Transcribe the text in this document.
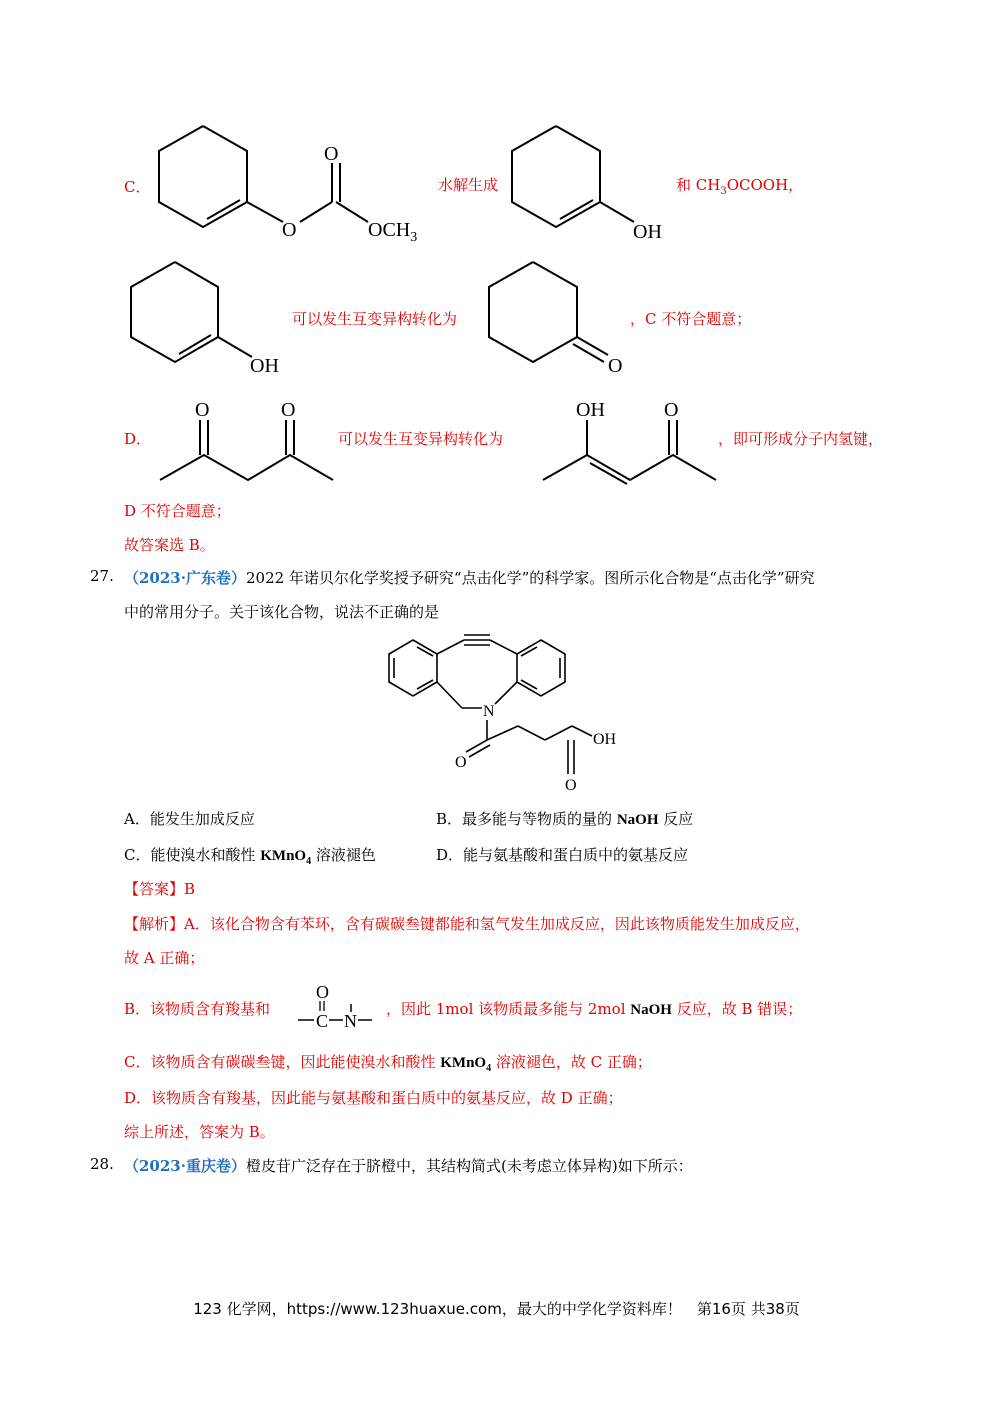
C．
O
O	$OCH_3$
水解生成
OH
和 $CH_3OCOOH$，
OH
可以发生互变异构转化为
O
，C 不符合题意；
D．
O	O
可以发生互变异构转化为
OH	O
，即可形成分子内氢键，
D 不符合题意；
故答案选 B。
27. （2023·广东卷）2022 年诺贝尔化学奖授予研究“点击化学”的科学家。图所示化合物是“点击化学”研究
中的常用分子。关于该化合物，说法不正确的是
N
O
OH
O
A．能发生加成反应	B．最多能与等物质的量的 NaOH 反应
C．能使溴水和酸性 KMnO$_4$ 溶液褪色	D．能与氨基酸和蛋白质中的氨基反应
【答案】B
【解析】A．该化合物含有苯环，含有碳碳叁键都能和氢气发生加成反应，因此该物质能发生加成反应，
故 A 正确；
B．该物质含有羧基和
C N
O
，因此 1mol 该物质最多能与 2mol NaOH 反应，故 B 错误；
C．该物质含有碳碳叁键，因此能使溴水和酸性 KMnO$_4$ 溶液褪色，故 C 正确；
D．该物质含有羧基，因此能与氨基酸和蛋白质中的氨基反应，故 D 正确；
综上所述，答案为 B。
28. （2023·重庆卷）橙皮苷广泛存在于脐橙中，其结构简式(未考虑立体异构)如下所示：
123 化学网，https://www.123huaxue.com，最大的中学化学资料库！　第16页 共38页
